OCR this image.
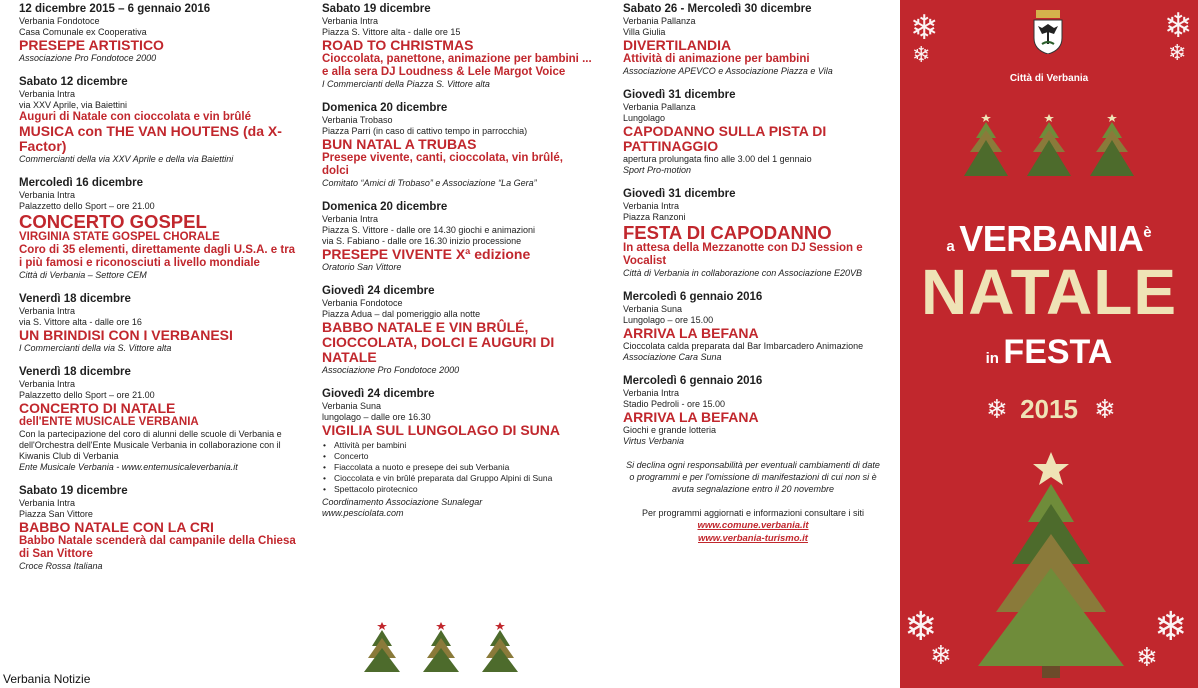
12 dicembre 2015 – 6 gennaio 2016
Verbania Fondotoce
Casa Comunale ex Cooperativa
PRESEPE ARTISTICO
Associazione Pro Fondotoce 2000
Sabato 12 dicembre
Verbania Intra
via XXV Aprile, via Baiettini
Auguri di Natale con cioccolata e vin brûlé
MUSICA con THE VAN HOUTENS (da X-Factor)
Commercianti della via XXV Aprile e della via Baiettini
Mercoledì 16 dicembre
Verbania Intra
Palazzetto dello Sport – ore 21.00
CONCERTO GOSPEL
VIRGINIA STATE GOSPEL CHORALE
Coro di 35 elementi, direttamente dagli U.S.A. e tra i più famosi e riconosciuti a livello mondiale
Città di Verbania – Settore CEM
Venerdì 18 dicembre
Verbania Intra
via S. Vittore alta - dalle ore 16
UN BRINDISI CON I VERBANESI
I Commercianti della via S. Vittore alta
Venerdì 18 dicembre
Verbania Intra
Palazzetto dello Sport – ore 21.00
CONCERTO DI NATALE
dell'ENTE MUSICALE VERBANIA
Con la partecipazione del coro di alunni delle scuole di Verbania e dell'Orchestra dell'Ente Musicale Verbania in collaborazione con il Kiwanis Club di Verbania
Ente Musicale Verbania - www.entemusicaleverbania.it
Sabato 19 dicembre
Verbania Intra
Piazza San Vittore
BABBO NATALE CON LA CRI
Babbo Natale scenderà dal campanile della Chiesa di San Vittore
Croce Rossa Italiana
Sabato 19 dicembre
Verbania Intra
Piazza S. Vittore alta - dalle ore 15
ROAD TO CHRISTMAS
Cioccolata, panettone, animazione per bambini ... e alla sera DJ Loudness & Lele Margot Voice
I Commercianti della Piazza S. Vittore alta
Domenica 20 dicembre
Verbania Trobaso
Piazza Parri (in caso di cattivo tempo in parrocchia)
BUN NATAL A TRUBAS
Presepe vivente, canti, cioccolata, vin brûlé, dolci
Comitato “Amici di Trobaso” e Associazione “La Gera”
Domenica 20 dicembre
Verbania Intra
Piazza S. Vittore - dalle ore 14.30 giochi e animazioni
via S. Fabiano - dalle ore 16.30 inizio processione
PRESEPE VIVENTE Xª edizione
Oratorio San Vittore
Giovedì 24 dicembre
Verbania Fondotoce
Piazza Adua – dal pomeriggio alla notte
BABBO NATALE E VIN BRÛLÉ, CIOCCOLATA, DOLCI E AUGURI DI NATALE
Associazione Pro Fondotoce 2000
Giovedì 24 dicembre
Verbania Suna
lungolago – dalle ore 16.30
VIGILIA SUL LUNGOLAGO DI SUNA
• Attività per bambini
• Concerto
• Fiaccolata a nuoto e presepe dei sub Verbania
• Cioccolata e vin brûlé preparata dal Gruppo Alpini di Suna
• Spettacolo pirotecnico
Coordinamento Associazione Sunalegar
www.pesciolata.com
Sabato 26 - Mercoledì 30 dicembre
Verbania Pallanza
Villa Giulia
DIVERTILANDIA
Attività di animazione per bambini
Associazione APEVCO e Associazione Piazza e Vila
Giovedì 31 dicembre
Verbania Pallanza
Lungolago
CAPODANNO SULLA PISTA DI PATTINAGGIO
apertura prolungata fino alle 3.00 del 1 gennaio
Sport Pro-motion
Giovedì 31 dicembre
Verbania Intra
Piazza Ranzoni
FESTA DI CAPODANNO
In attesa della Mezzanotte con DJ Session e Vocalist
Città di Verbania in collaborazione con Associazione E20VB
Mercoledì 6 gennaio 2016
Verbania Suna
Lungolago – ore 15.00
ARRIVA LA BEFANA
Cioccolata calda preparata dal Bar Imbarcadero Animazione
Associazione Cara Suna
Mercoledì 6 gennaio 2016
Verbania Intra
Stadio Pedroli - ore 15.00
ARRIVA LA BEFANA
Giochi e grande lotteria
Virtus Verbania
Si declina ogni responsabilità per eventuali cambiamenti di date o programmi e per l'omissione di manifestazioni di cui non si è avuta segnalazione entro il 20 novembre
Per programmi aggiornati e informazioni consultare i siti
www.comune.verbania.it
www.verbania-turismo.it
Verbania Notizie
❄
❄
❄
❄
❄
❄
❄
❄
Città di Verbania
a VERBANIAè
NATALE
in FESTA
❄ 2015 ❄
